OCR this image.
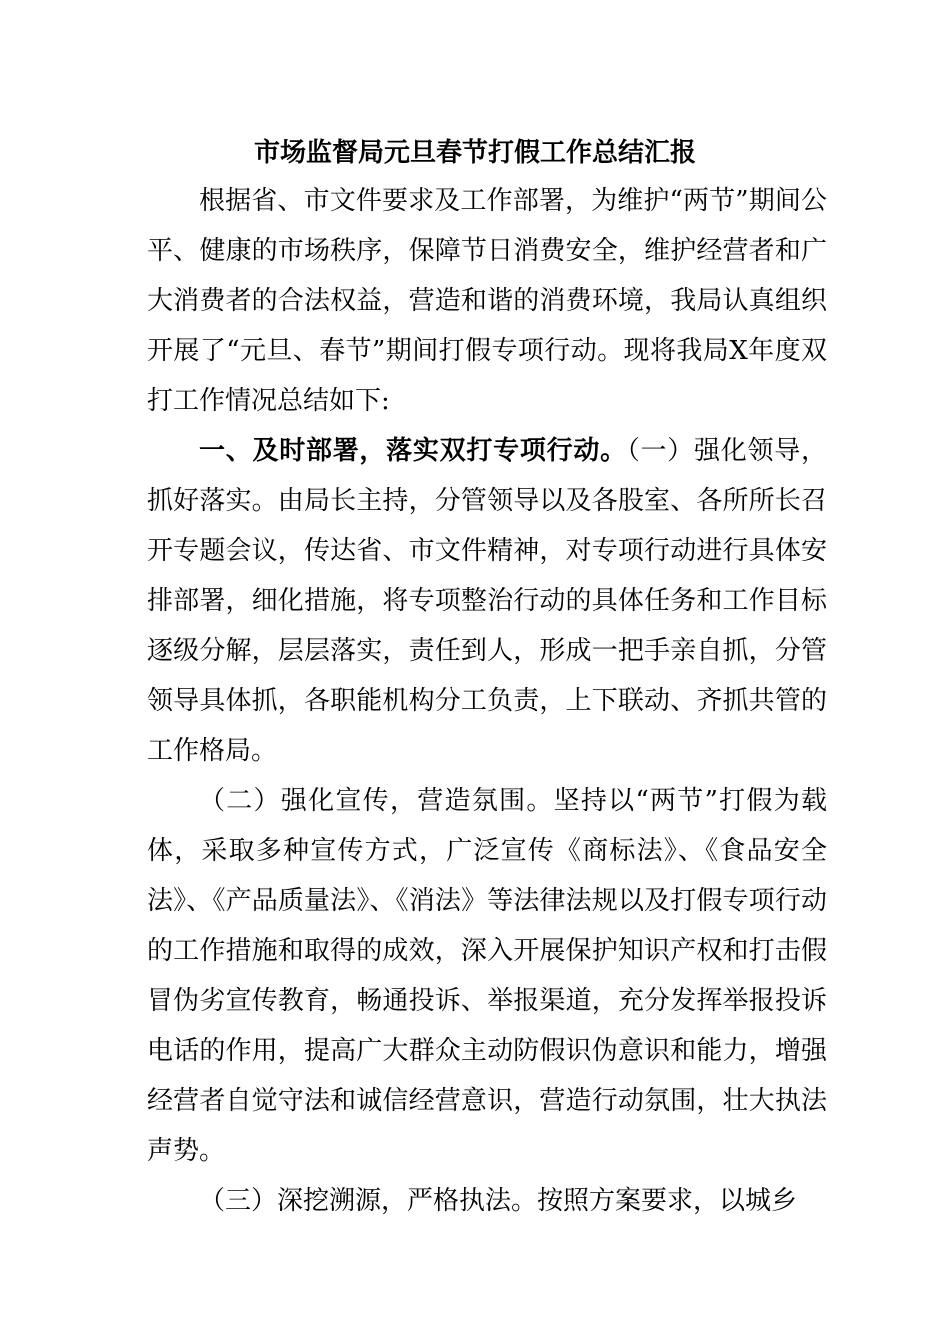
市场监督局元旦春节打假工作总结汇报

根据省、市文件要求及工作部署，为维护“两节”期间公平、健康的市场秩序，保障节日消费安全，维护经营者和广大消费者的合法权益，营造和谐的消费环境，我局认真组织开展了“元旦、春节”期间打假专项行动。现将我局X年度双打工作情况总结如下:

一、及时部署，落实双打专项行动。（一）强化领导，抓好落实。由局长主持，分管领导以及各股室、各所所长召开专题会议，传达省、市文件精神，对专项行动进行具体安排部署，细化措施，将专项整治行动的具体任务和工作目标逐级分解，层层落实，责任到人，形成一把手亲自抓，分管领导具体抓，各职能机构分工负责，上下联动、齐抓共管的工作格局。

（二）强化宣传，营造氛围。坚持以“两节”打假为载体，采取多种宣传方式，广泛宣传《商标法》、《食品安全法》、《产品质量法》、《消法》等法律法规以及打假专项行动的工作措施和取得的成效，深入开展保护知识产权和打击假冒伪劣宣传教育，畅通投诉、举报渠道，充分发挥举报投诉电话的作用，提高广大群众主动防假识伪意识和能力，增强经营者自觉守法和诚信经营意识，营造行动氛围，壮大执法声势。

（三）深挖溯源，严格执法。按照方案要求，以城乡
